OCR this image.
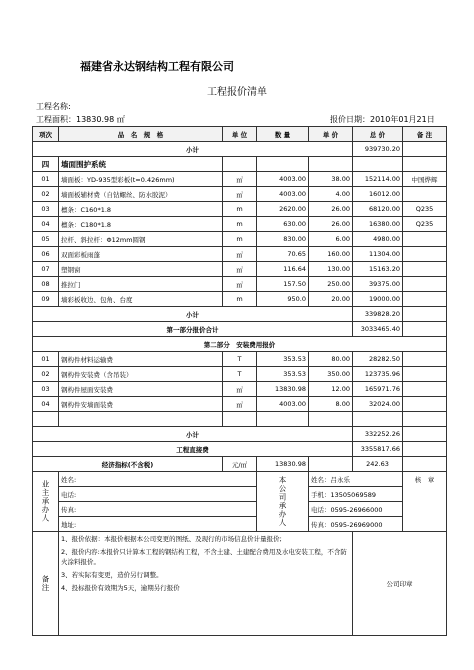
福建省永达钢结构工程有限公司
工程报价清单
工程名称:
工程面积：13830.98 ㎡	报价日期：2010年01月21日
项次	品　名　规　格	单 位	数 量	单 价	总 价	备 注
小计					939730.20	
四	墙面围护系统					
01	墙面板：YD-935型彩板(t=0.426mm)	㎡	4003.00	38.00	152114.00	中国烨辉
02	墙面板辅材费（自钻螺丝、防水胶泥）	㎡	4003.00	4.00	16012.00	
03	檩条：C160*1.8	m	2620.00	26.00	68120.00	Q235
04	檩条：C180*1.8	m	630.00	26.00	16380.00	Q235
05	拉杆、斜拉杆：Φ12mm圆钢	m	830.00	6.00	4980.00	
06	双面彩板雨蓬	㎡	70.65	160.00	11304.00	
07	塑钢窗	㎡	116.64	130.00	15163.20	
08	推拉门	㎡	157.50	250.00	39375.00	
09	墙彩板收边、包角、台度	m	950.0	20.00	19000.00	
小计					339828.20	
第一部分报价合计					3033465.40	
第二部分　安装费用报价						
01	钢构件材料运输费	T	353.53	80.00	28282.50	
02	钢构件安装费（含吊装）	T	353.53	350.00	123735.96	
03	钢构件屋面安装费	㎡	13830.98	12.00	165971.76	
04	钢构件安墙面装费	㎡	4003.00	8.00	32024.00	

小计					332252.26	
工程直接费					3355817.66	
经济指标(不含税)		元/㎡	13830.98		242.63	
业主承办人	姓名:		本公司承办人	姓名：吕永乐		核　章
	电话:			手机：13505069589		
	传真:			电话：0595-26966000		
	地址:			传真：0595-26969000		
备注	1、报价依据：本报价根据本公司变更的图纸、及现行的市场信息价计量报价;
2、报价内容:本报价只计算本工程的钢结构工程，不含土建、土建配合费用及水电安装工程，不含防火涂料报价。
3、若实际有变更，造价另行调整。
4、投标报价有效期为5天，逾期另行报价				公司印章	
